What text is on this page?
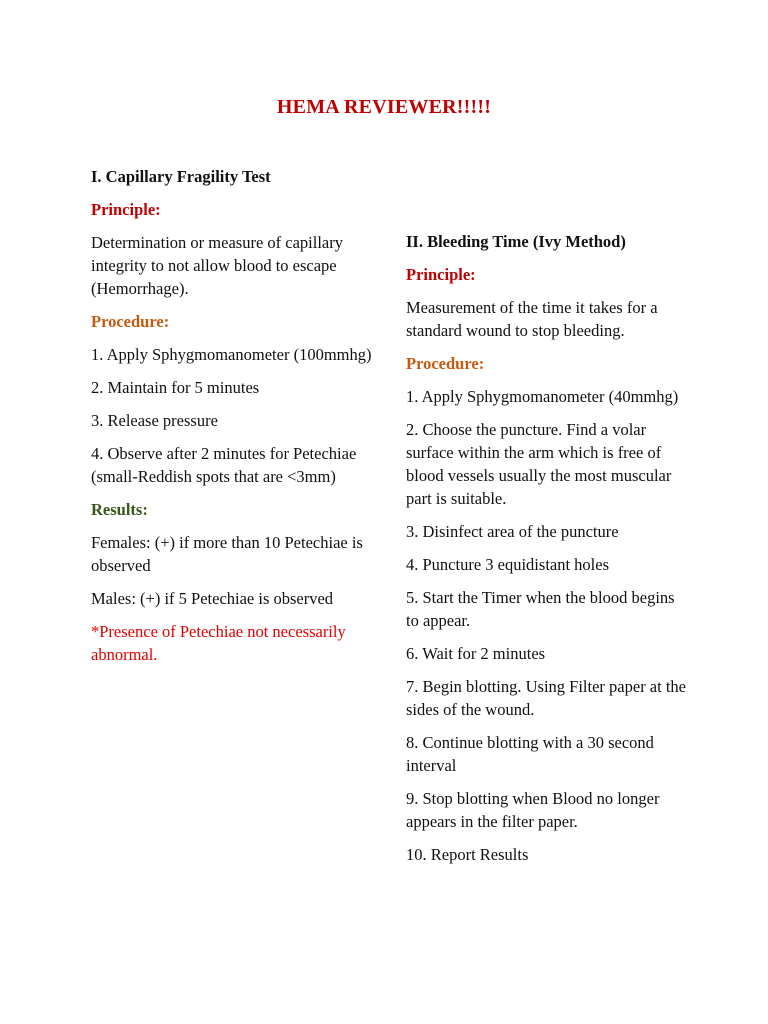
HEMA REVIEWER!!!!!

I. Capillary Fragility Test

Principle:

Determination or measure of capillary integrity to not allow blood to escape (Hemorrhage).

Procedure:

1. Apply Sphygmomanometer (100mmhg)

2. Maintain for 5 minutes

3. Release pressure

4. Observe after 2 minutes for Petechiae (small-Reddish spots that are <3mm)

Results:

Females: (+) if more than 10 Petechiae is observed

Males: (+) if 5 Petechiae is observed

*Presence of Petechiae not necessarily abnormal.

II. Bleeding Time (Ivy Method)

Principle:

Measurement of the time it takes for a standard wound to stop bleeding.

Procedure:

1. Apply Sphygmomanometer (40mmhg)

2. Choose the puncture. Find a volar surface within the arm which is free of blood vessels usually the most muscular part is suitable.

3. Disinfect area of the puncture

4. Puncture 3 equidistant holes

5. Start the Timer when the blood begins to appear.

6. Wait for 2 minutes

7. Begin blotting. Using Filter paper at the sides of the wound.

8. Continue blotting with a 30 second interval

9. Stop blotting when Blood no longer appears in the filter paper.

10. Report Results
